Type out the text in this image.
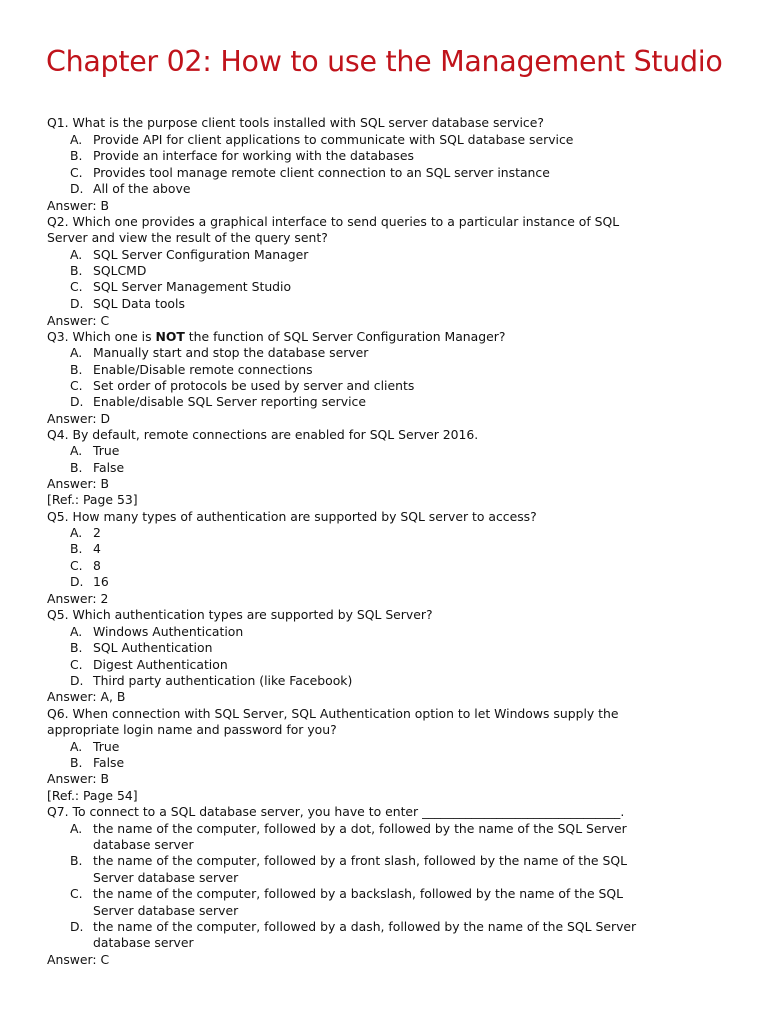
Chapter 02: How to use the Management Studio
Q1. What is the purpose client tools installed with SQL server database service?
A. Provide API for client applications to communicate with SQL database service
B. Provide an interface for working with the databases
C. Provides tool manage remote client connection to an SQL server instance
D. All of the above
Answer: B
Q2. Which one provides a graphical interface to send queries to a particular instance of SQL
Server and view the result of the query sent?
A. SQL Server Configuration Manager
B. SQLCMD
C. SQL Server Management Studio
D. SQL Data tools
Answer: C
Q3. Which one is NOT the function of SQL Server Configuration Manager?
A. Manually start and stop the database server
B. Enable/Disable remote connections
C. Set order of protocols be used by server and clients
D. Enable/disable SQL Server reporting service
Answer: D
Q4. By default, remote connections are enabled for SQL Server 2016.
A. True
B. False
Answer: B
[Ref.: Page 53]
Q5. How many types of authentication are supported by SQL server to access?
A. 2
B. 4
C. 8
D. 16
Answer: 2
Q5. Which authentication types are supported by SQL Server?
A. Windows Authentication
B. SQL Authentication
C. Digest Authentication
D. Third party authentication (like Facebook)
Answer: A, B
Q6. When connection with SQL Server, SQL Authentication option to let Windows supply the
appropriate login name and password for you?
A. True
B. False
Answer: B
[Ref.: Page 54]
Q7. To connect to a SQL database server, you have to enter ________________________________.
A. the name of the computer, followed by a dot, followed by the name of the SQL Server
database server
B. the name of the computer, followed by a front slash, followed by the name of the SQL
Server database server
C. the name of the computer, followed by a backslash, followed by the name of the SQL
Server database server
D. the name of the computer, followed by a dash, followed by the name of the SQL Server
database server
Answer: C
